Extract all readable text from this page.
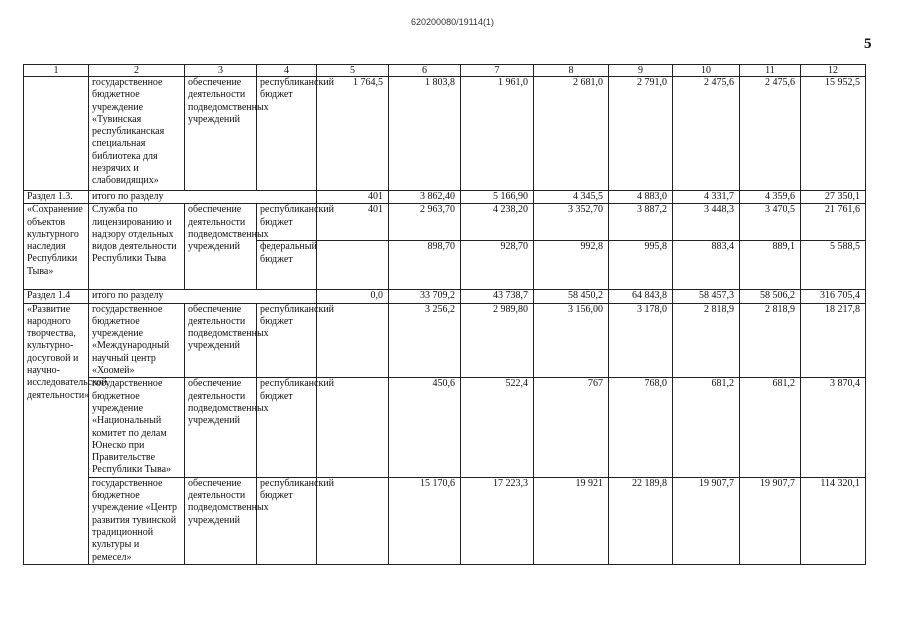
620200080/19114(1)
5
1	2	3	4	5	6	7	8	9	10	11	12
	государственное бюджетное учреждение «Тувинская республиканская специальная библиотека для незрячих и слабовидящих»	обеспечение деятельности подведомственных учреждений	республиканский бюджет	1 764,5	1 803,8	1 961,0	2 681,0	2 791,0	2 475,6	2 475,6	15 952,5
Раздел 1.3.	итого по разделу			401	3 862,40	5 166,90	4 345,5	4 883,0	4 331,7	4 359,6	27 350,1
«Сохранение объектов культурного наследия Республики Тыва»	Служба по лицензированию и надзору отдельных видов деятельности Республики Тыва	обеспечение деятельности подведомственных учреждений	республиканский бюджет	401	2 963,70	4 238,20	3 352,70	3 887,2	3 448,3	3 470,5	21 761,6
			федеральный бюджет		898,70	928,70	992,8	995,8	883,4	889,1	5 588,5
Раздел 1.4	итого по разделу			0,0	33 709,2	43 738,7	58 450,2	64 843,8	58 457,3	58 506,2	316 705,4
«Развитие народного творчества, культурно-досуговой и научно-исследовательской деятельности»	государственное бюджетное учреждение «Международный научный центр «Хоомей»	обеспечение деятельности подведомственных учреждений	республиканский бюджет		3 256,2	2 989,80	3 156,00	3 178,0	2 818,9	2 818,9	18 217,8
	государственное бюджетное учреждение «Национальный комитет по делам Юнеско при Правительстве Республики Тыва»	обеспечение деятельности подведомственных учреждений	республиканский бюджет		450,6	522,4	767	768,0	681,2	681,2	3 870,4
	государственное бюджетное учреждение «Центр развития тувинской традиционной культуры и ремесел»	обеспечение деятельности подведомственных учреждений	республиканский бюджет		15 170,6	17 223,3	19 921	22 189,8	19 907,7	19 907,7	114 320,1
